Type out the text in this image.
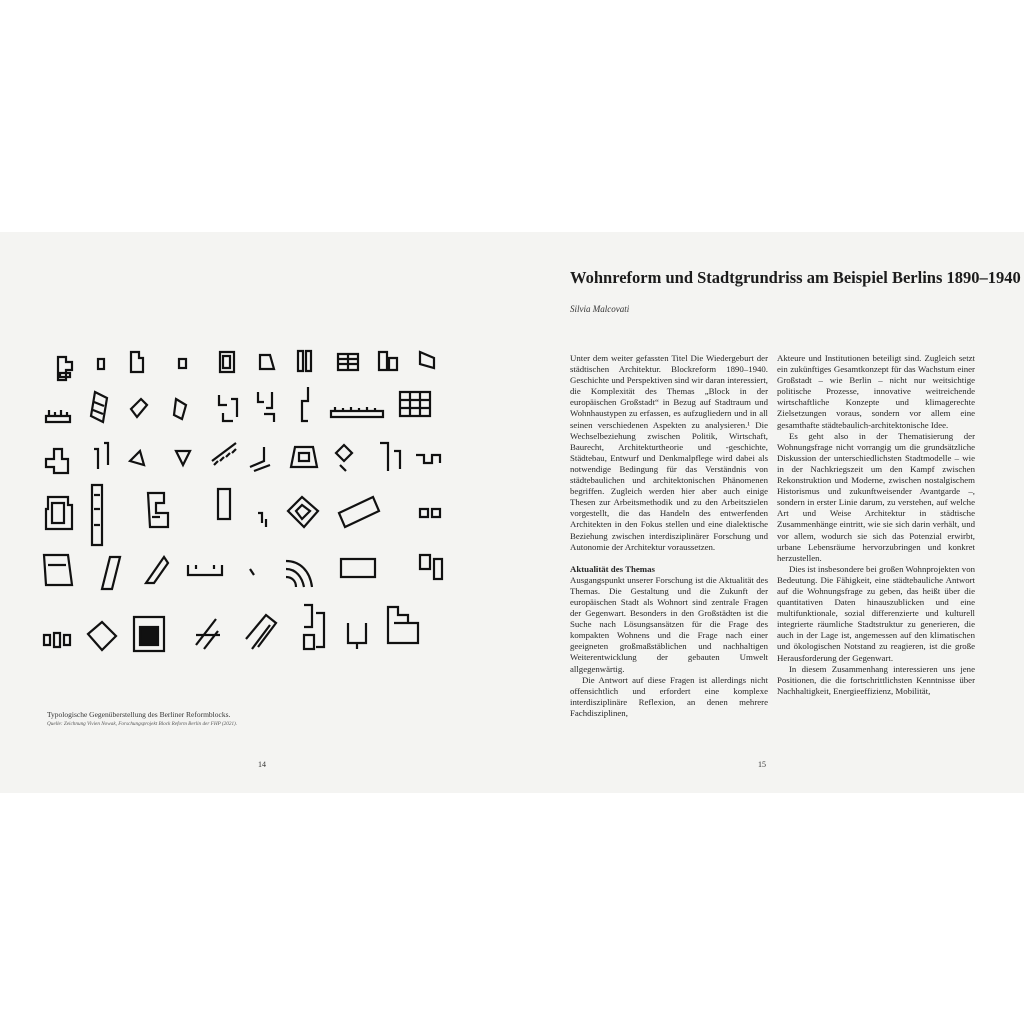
Typologische Gegenüberstellung des Berliner Reformblocks.
Quelle: Zeichnung Vivien Nowak, Forschungsprojekt Block Reform Berlin der FHP (2021).
14
Wohnreform und Stadtgrundriss am Beispiel Berlins 1890–1940
Silvia Malcovati

Unter dem weiter gefassten Titel Die Wiedergeburt der städtischen Architektur. Blockreform 1890–1940. Geschichte und Perspektiven sind wir daran interessiert, die Komplexität des Themas „Block in der europäischen Großstadt“ in Bezug auf Stadtraum und Wohnhaustypen zu erfassen, es aufzugliedern und in all seinen verschiedenen Aspekten zu analysieren.¹ Die Wechselbeziehung zwischen Politik, Wirtschaft, Baurecht, Architekturtheorie und -geschichte, Städtebau, Entwurf und Denkmalpflege wird dabei als notwendige Bedingung für das Verständnis von städtebaulichen und architektonischen Phänomenen begriffen. Zugleich werden hier aber auch einige Thesen zur Arbeitsmethodik und zu den Arbeitszielen vorgestellt, die das Handeln des entwerfenden Architekten in den Fokus stellen und eine dialektische Beziehung zwischen interdisziplinärer Forschung und Autonomie der Architektur voraussetzen.

Aktualität des Themas

Ausgangspunkt unserer Forschung ist die Aktualität des Themas. Die Gestaltung und die Zukunft der europäischen Stadt als Wohnort sind zentrale Fragen der Gegenwart. Besonders in den Großstädten ist die Suche nach Lösungsansätzen für die Frage des kompakten Wohnens und die Frage nach einer geeigneten großmaßstäblichen und nachhaltigen Weiterentwicklung der gebauten Umwelt allgegenwärtig.

Die Antwort auf diese Fragen ist allerdings nicht offensichtlich und erfordert eine komplexe interdisziplinäre Reflexion, an denen mehrere Fachdisziplinen,

Akteure und Institutionen beteiligt sind. Zugleich setzt ein zukünftiges Gesamtkonzept für das Wachstum einer Großstadt – wie Berlin – nicht nur weitsichtige politische Prozesse, innovative weitreichende wirtschaftliche Konzepte und klimagerechte Zielsetzungen voraus, sondern vor allem eine gesamthafte städtebaulich-architektonische Idee.

Es geht also in der Thematisierung der Wohnungsfrage nicht vorrangig um die grundsätzliche Diskussion der unterschiedlichsten Stadtmodelle – wie in der Nachkriegszeit um den Kampf zwischen Rekonstruktion und Moderne, zwischen nostalgischem Historismus und zukunftweisender Avantgarde –, sondern in erster Linie darum, zu verstehen, auf welche Art und Weise Architektur in städtische Zusammenhänge eintritt, wie sie sich darin verhält, und vor allem, wodurch sie sich das Potenzial erwirbt, urbane Lebensräume hervorzubringen und konkret herzustellen.

Dies ist insbesondere bei großen Wohnprojekten von Bedeutung. Die Fähigkeit, eine städtebauliche Antwort auf die Wohnungsfrage zu geben, das heißt über die quantitativen Daten hinauszublicken und eine multifunktionale, sozial differenzierte und kulturell integrierte räumliche Stadtstruktur zu generieren, die auch in der Lage ist, angemessen auf den klimatischen und ökologischen Notstand zu reagieren, ist die große Herausforderung der Gegenwart.

In diesem Zusammenhang interessieren uns jene Positionen, die die fortschrittlichsten Kenntnisse über Nachhaltigkeit, Energieeffizienz, Mobilität,

15
